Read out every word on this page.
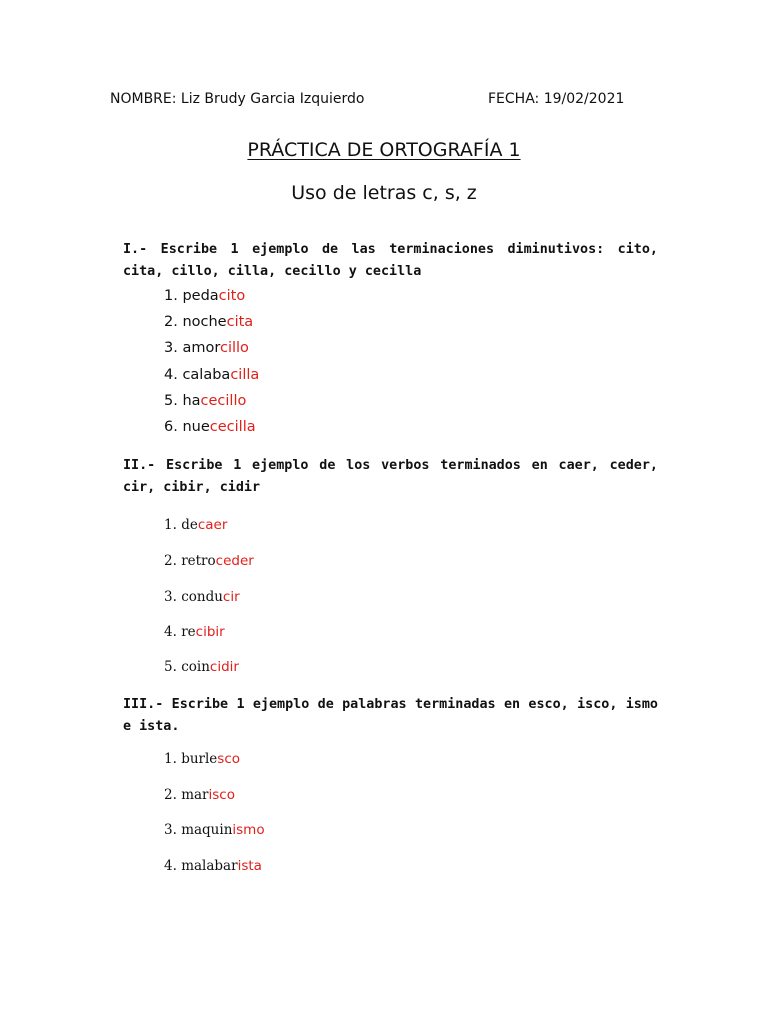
NOMBRE: Liz Brudy Garcia Izquierdo	FECHA: 19/02/2021
PRÁCTICA DE ORTOGRAFÍA 1
Uso de letras c, s, z
I.- Escribe 1 ejemplo de las terminaciones diminutivos: cito, cita, cillo, cilla, cecillo y cecilla
1. pedacito
2. nochecita
3. amorcillo
4. calabacilla
5. hacecillo
6. nuececilla
II.- Escribe 1 ejemplo de los verbos terminados en caer, ceder, cir, cibir, cidir
1. decaer
2. retroceder
3. conducir
4. recibir
5. coincidir
III.- Escribe 1 ejemplo de palabras terminadas en esco, isco, ismo e ista.
1. burlesco
2. marisco
3. maquinismo
4. malabarista
